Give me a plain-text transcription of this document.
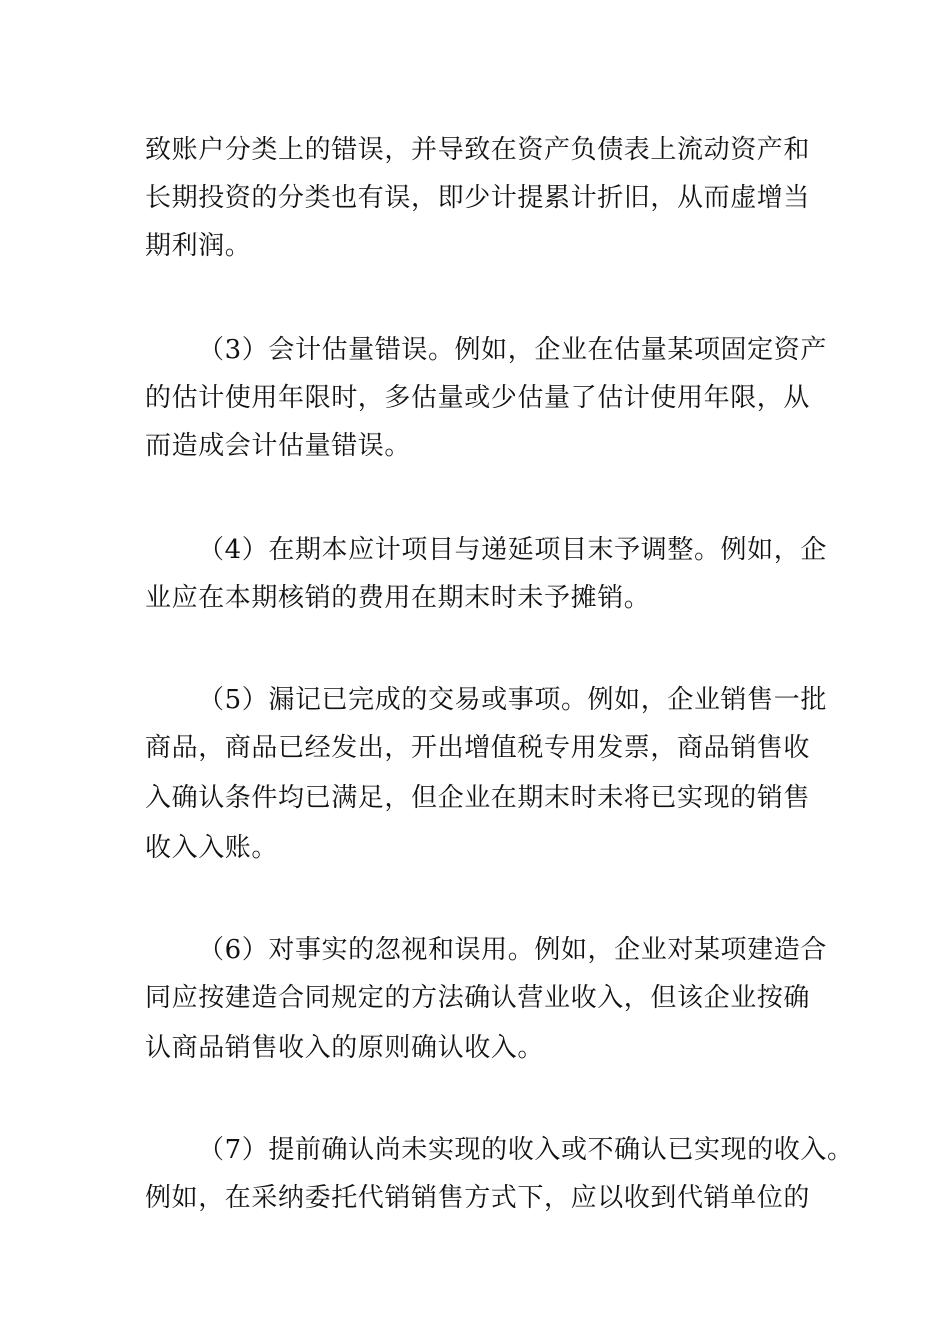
致账户分类上的错误，并导致在资产负债表上流动资产和
长期投资的分类也有误，即少计提累计折旧，从而虚增当
期利润。
（3）会计估量错误。例如，企业在估量某项固定资产
的估计使用年限时，多估量或少估量了估计使用年限，从
而造成会计估量错误。
（4）在期本应计项目与递延项目末予调整。例如，企
业应在本期核销的费用在期末时未予摊销。
（5）漏记已完成的交易或事项。例如，企业销售一批
商品，商品已经发出，开出增值税专用发票，商品销售收
入确认条件均已满足，但企业在期末时未将已实现的销售
收入入账。
（6）对事实的忽视和误用。例如，企业对某项建造合
同应按建造合同规定的方法确认营业收入，但该企业按确
认商品销售收入的原则确认收入。
（7）提前确认尚未实现的收入或不确认已实现的收入。
例如，在采纳委托代销销售方式下，应以收到代销单位的
